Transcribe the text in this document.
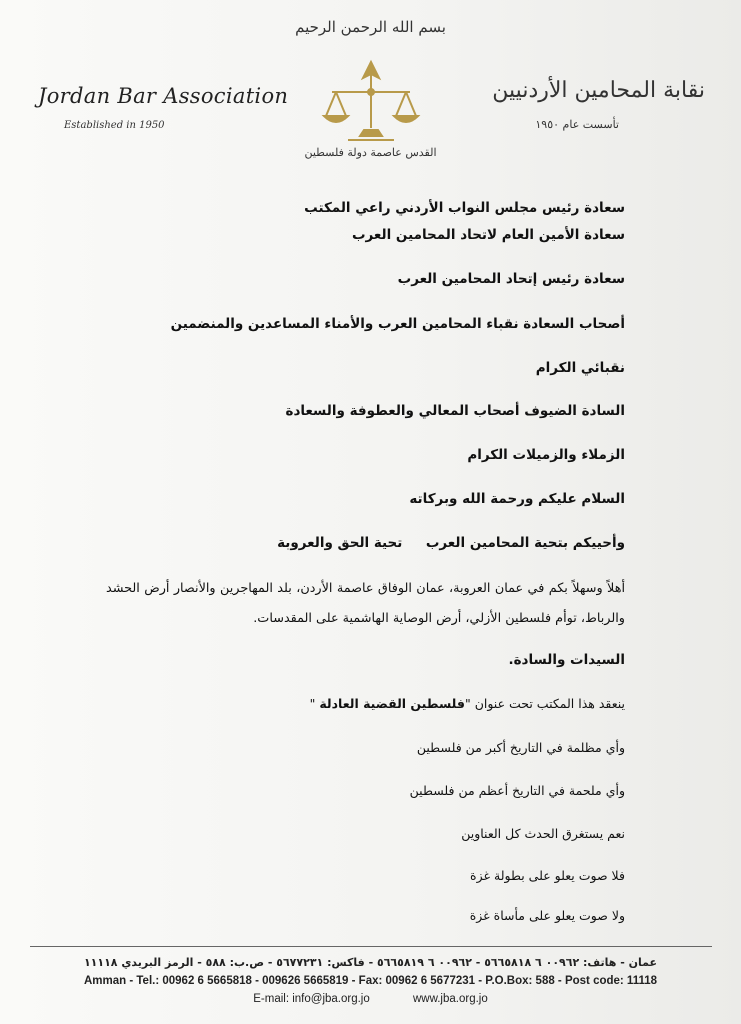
بسم الله الرحمن الرحيم
القدس عاصمة دولة فلسطين
Jordan Bar Association
Established in 1950
نقابة المحامين الأردنيين
تأسست عام ١٩٥٠
سعادة رئيس مجلس النواب الأردني راعي المكتب
سعادة الأمين العام لاتحاد المحامين العرب
سعادة رئيس إتحاد المحامين العرب
أصحاب السعادة نقباء المحامين العرب والأمناء المساعدين والمنضمين
نقبائي الكرام
السادة الضيوف أصحاب المعالي والعطوفة والسعادة
الزملاء والزميلات الكرام
السلام عليكم ورحمة الله وبركاته
وأحييكم بتحية المحامين العرب     تحية الحق والعروبة
أهلاً وسهلاً بكم في عمان العروبة، عمان الوفاق عاصمة الأردن، بلد المهاجرين والأنصار أرض الحشد والرباط، توأم فلسطين الأزلي، أرض الوصاية الهاشمية على المقدسات.
السيدات والسادة.
ينعقد هذا المكتب تحت عنوان "فلسطين القضية العادلة "
وأي مظلمة في التاريخ أكبر من فلسطين
وأي ملحمة في التاريخ أعظم من فلسطين
نعم يستغرق الحدث كل العناوين
فلا صوت يعلو على بطولة غزة
ولا صوت يعلو على مأساة غزة
عمان - هاتف: ٠٠٩٦٢ ٦ ٥٦٦٥٨١٨ - ٠٠٩٦٢ ٦ ٥٦٦٥٨١٩ - فاكس: ٥٦٧٧٢٣١ - ص.ب: ٥٨٨ - الرمز البريدي ١١١١٨
Amman - Tel.: 00962 6 5665818 - 009626 5665819 - Fax: 00962 6 5677231 - P.O.Box: 588 - Post code: 11118
E-mail: info@jba.org.jo	www.jba.org.jo
